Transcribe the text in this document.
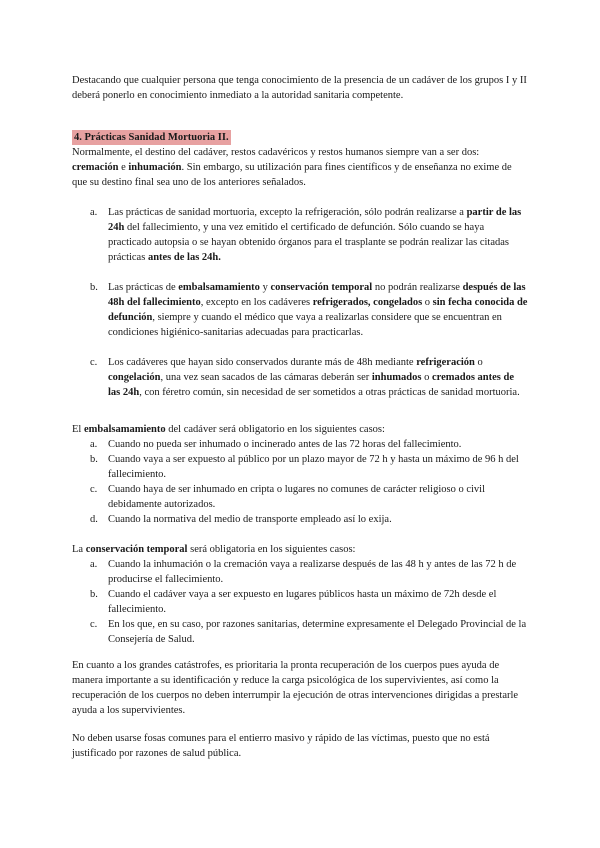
Destacando que cualquier persona que tenga conocimiento de la presencia de un cadáver de los grupos I y II deberá ponerlo en conocimiento inmediato a la autoridad sanitaria competente.

4. Prácticas Sanidad Mortuoria II.

Normalmente, el destino del cadáver, restos cadavéricos y restos humanos siempre van a ser dos: cremación e inhumación. Sin embargo, su utilización para fines científicos y de enseñanza no exime de que su destino final sea uno de los anteriores señalados.

a. Las prácticas de sanidad mortuoria, excepto la refrigeración, sólo podrán realizarse a partir de las 24h del fallecimiento, y una vez emitido el certificado de defunción. Sólo cuando se haya practicado autopsia o se hayan obtenido órganos para el trasplante se podrán realizar las citadas prácticas antes de las 24h.
b. Las prácticas de embalsamamiento y conservación temporal no podrán realizarse después de las 48h del fallecimiento, excepto en los cadáveres refrigerados, congelados o sin fecha conocida de defunción, siempre y cuando el médico que vaya a realizarlas considere que se encuentran en condiciones higiénico-sanitarias adecuadas para practicarlas.
c. Los cadáveres que hayan sido conservados durante más de 48h mediante refrigeración o congelación, una vez sean sacados de las cámaras deberán ser inhumados o cremados antes de las 24h, con féretro común, sin necesidad de ser sometidos a otras prácticas de sanidad mortuoria.

El embalsamamiento del cadáver será obligatorio en los siguientes casos:

a. Cuando no pueda ser inhumado o incinerado antes de las 72 horas del fallecimiento.
b. Cuando vaya a ser expuesto al público por un plazo mayor de 72 h y hasta un máximo de 96 h del fallecimiento.
c. Cuando haya de ser inhumado en cripta o lugares no comunes de carácter religioso o civil debidamente autorizados.
d. Cuando la normativa del medio de transporte empleado así lo exija.

La conservación temporal será obligatoria en los siguientes casos:

a. Cuando la inhumación o la cremación vaya a realizarse después de las 48 h y antes de las 72 h de producirse el fallecimiento.
b. Cuando el cadáver vaya a ser expuesto en lugares públicos hasta un máximo de 72h desde el fallecimiento.
c. En los que, en su caso, por razones sanitarias, determine expresamente el Delegado Provincial de la Consejería de Salud.

En cuanto a los grandes catástrofes, es prioritaria la pronta recuperación de los cuerpos pues ayuda de manera importante a su identificación y reduce la carga psicológica de los supervivientes, así como la recuperación de los cuerpos no deben interrumpir la ejecución de otras intervenciones dirigidas a prestarle ayuda a los supervivientes.

No deben usarse fosas comunes para el entierro masivo y rápido de las víctimas, puesto que no está justificado por razones de salud pública.
